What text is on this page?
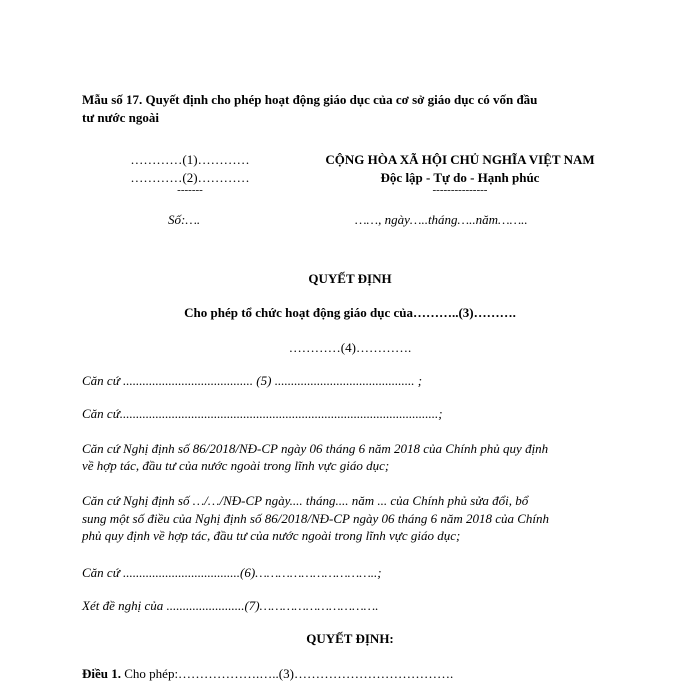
Mẫu số 17. Quyết định cho phép hoạt động giáo dục của cơ sở giáo dục có vốn đầu
tư nước ngoài
…………(1)…………
…………(2)…………
-------
Số:….
CỘNG HÒA XÃ HỘI CHỦ NGHĨA VIỆT NAM
Độc lập - Tự do - Hạnh phúc
---------------
……, ngày…..tháng…..năm……..
QUYẾT ĐỊNH
Cho phép tổ chức hoạt động giáo dục của………..(3)……….
…………(4)………….
Căn cứ ........................................ (5) ........................................... ;
Căn cứ..................................................................................................;
Căn cứ Nghị định số 86/2018/NĐ-CP ngày 06 tháng 6 năm 2018 của Chính phủ quy định
về hợp tác, đầu tư của nước ngoài trong lĩnh vực giáo dục;
Căn cứ Nghị định số …/…/NĐ-CP ngày.... tháng.... năm ... của Chính phủ sửa đổi, bổ
sung một số điều của Nghị định số 86/2018/NĐ-CP ngày 06 tháng 6 năm 2018 của Chính
phủ quy định về hợp tác, đầu tư của nước ngoài trong lĩnh vực giáo dục;
Căn cứ ....................................(6)…………………………..;
Xét đề nghị của ........................(7)………………………….
QUYẾT ĐỊNH:
Điều 1. Cho phép:……………….…..(3)……………………………….
